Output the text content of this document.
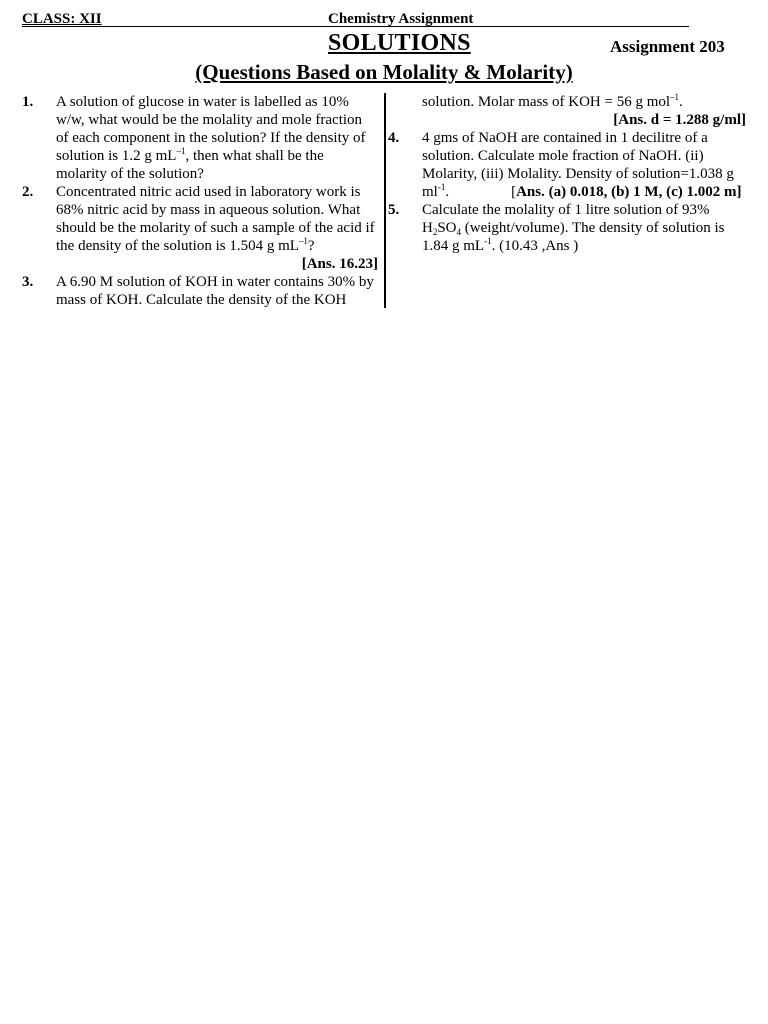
CLASS: XII	Chemistry Assignment
SOLUTIONS	Assignment 203
(Questions Based on Molality & Molarity)
1. A solution of glucose in water is labelled as 10% w/w, what would be the molality and mole fraction of each component in the solution? If the density of solution is 1.2 g $mL^{-1}$, then what shall be the molarity of the solution?
2. Concentrated nitric acid used in laboratory work is 68% nitric acid by mass in aqueous solution. What should be the molarity of such a sample of the acid if the density of the solution is 1.504 g $mL^{-1}$?
[Ans. 16.23]
3. A 6.90 M solution of KOH in water contains 30% by mass of KOH. Calculate the density of the KOH
solution. Molar mass of KOH = 56 g mol$^{-1}$.
[Ans. d = 1.288 g/ml]
4. 4 gms of NaOH are contained in 1 decilitre of a solution. Calculate mole fraction of NaOH. (ii) Molarity, (iii) Molality. Density of solution=1.038 g $ml^{-1}$.	[Ans. (a) 0.018, (b) 1 M, (c) 1.002 m]
5. Calculate the molality of 1 litre solution of 93% $H_2SO_4$ (weight/volume). The density of solution is 1.84 g $mL^{-1}$. (10.43 ,Ans )
